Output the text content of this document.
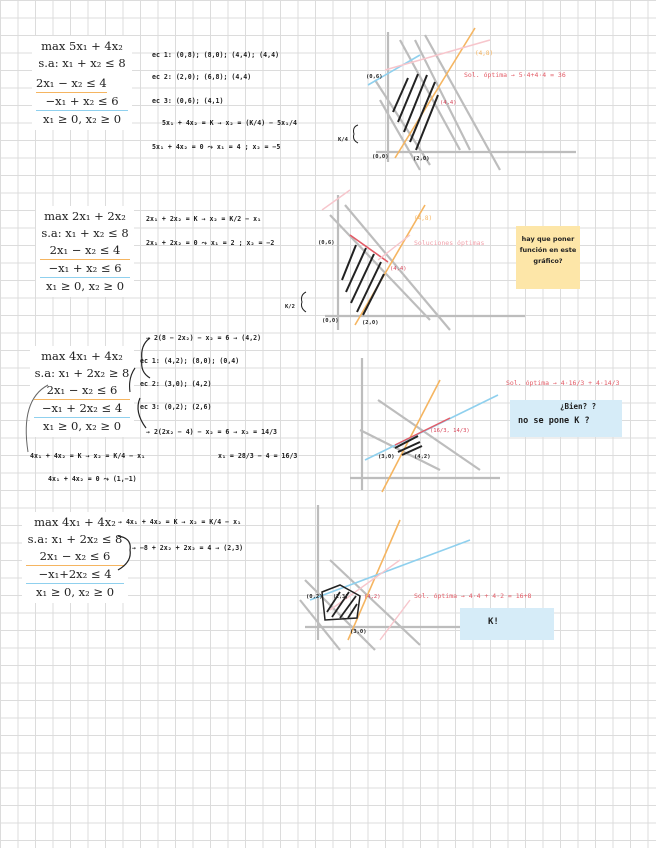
max 5x₁ + 4x₂
s.a: x₁ + x₂ ≤ 8
2x₁ − x₂ ≤ 4
−x₁ + x₂ ≤ 6
x₁ ≥ 0, x₂ ≥ 0
ec 1: (0,8); (8,0); (4,4); (4,4)
ec 2: (2,0); (6,8); (4,4)
ec 3: (0,6); (4,1)
5x₁ + 4x₂ = K → x₂ = (K/4) − 5x₁/4
5x₁ + 4x₂ = 0 ⤳ x₁ = 4 ; x₂ = −5
(0,6)
(4,4)
(2,0)
(0,0)
(4,8)
Sol. óptima → 5·4+4·4 = 36
K/4
max 2x₁ + 2x₂
s.a: x₁ + x₂ ≤ 8
2x₁ − x₂ ≤ 4
−x₁ + x₂ ≤ 6
x₁ ≥ 0, x₂ ≥ 0
2x₁ + 2x₂ = K → x₂ = K/2 − x₁
2x₁ + 2x₂ = 0 ⤳ x₁ = 2 ; x₂ = −2	(0,6)
(4,4)
(2,0)
(0,0)
(4,8)
Soluciones óptimas
K/2
hay que poner función en este gráfico?
max 4x₁ + 4x₂
s.a: x₁ + 2x₂ ≥ 8
2x₁ − x₂ ≤ 6
−x₁ + 2x₂ ≤ 4
x₁ ≥ 0, x₂ ≥ 0
→ 2(8 − 2x₂) − x₂ = 6 → (4,2)
ec 1: (4,2); (8,0); (0,4)
ec 2: (3,0); (4,2)
ec 3: (0,2); (2,6)
→ 2(2x₂ − 4) − x₂ = 6 → x₂ = 14/3
4x₁ + 4x₂ = K → x₂ = K/4 − x₁	x₁ = 28/3 − 4 = 16/3
4x₁ + 4x₂ = 0 ⤳ (1,−1)
(16/3, 14/3)
(4,2)
(3,0)
Sol. óptima → 4·16/3 + 4·14/3
¿Bien? ?
no se pone K ?
max 4x₁ + 4x₂
s.a: x₁ + 2x₂ ≤ 8
2x₁ − x₂ ≤ 6
−x₁+2x₂ ≤ 4
x₁ ≥ 0, x₂ ≥ 0
→ 4x₁ + 4x₂ = K → x₂ = K/4 − x₁
→ −8 + 2x₂ + 2x₂ = 4 → (2,3)
(0,2) (2,3)	(4,2)
(3,0)
Sol. óptima → 4·4 + 4·2 = 16+8
K!
